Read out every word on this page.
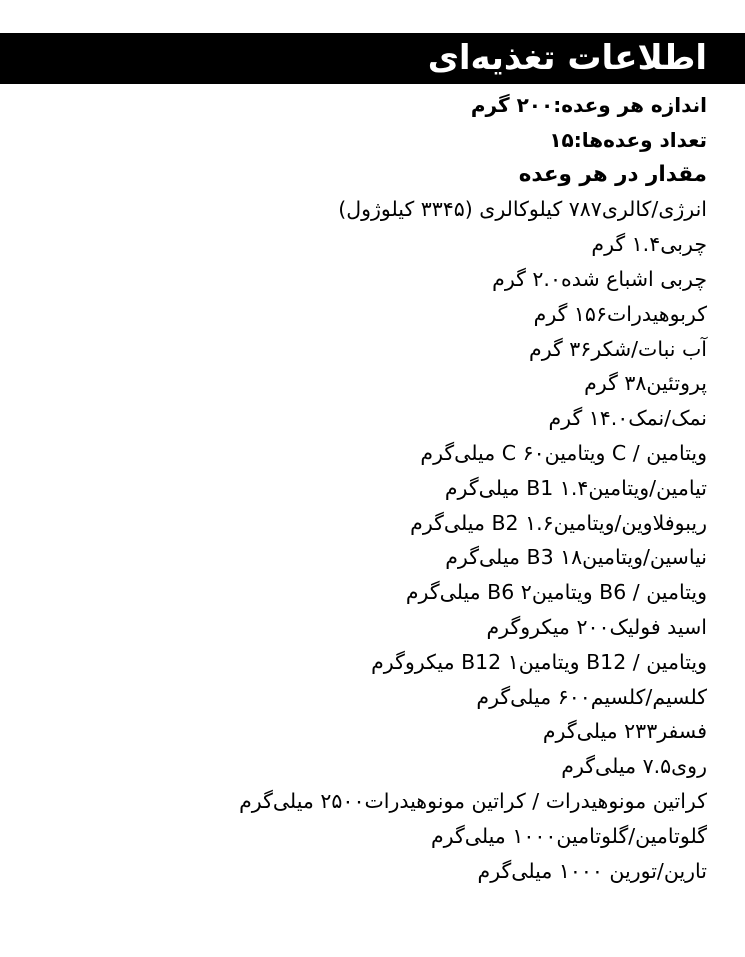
اطلاعات تغذیه‌ای
اندازه هر وعده:۲۰۰ گرم
تعداد وعده‌ها:۱۵
مقدار در هر وعده
انرژی/کالری۷۸۷ کیلوکالری (۳۳۴۵ کیلوژول)
چربی۱.۴ گرم
چربی اشباع شده۲.۰ گرم
کربوهیدرات۱۵۶ گرم
آب نبات/شکر۳۶ گرم
پروتئین۳۸ گرم
نمک/نمک۱۴.۰ گرم
ویتامین / C ویتامینC ۶۰ میلی‌گرم
تیامین/ویتامینB1 ۱.۴ میلی‌گرم
ریبوفلاوین/ویتامینB2 ۱.۶ میلی‌گرم
نیاسین/ویتامینB3 ۱۸ میلی‌گرم
ویتامین / B6 ویتامینB6 ۲ میلی‌گرم
اسید فولیک۲۰۰ میکروگرم
ویتامین / B12 ویتامینB12 ۱ میکروگرم
کلسیم/کلسیم۶۰۰ میلی‌گرم
فسفر۲۳۳ میلی‌گرم
روی۷.۵ میلی‌گرم
کراتین مونوهیدرات / کراتین مونوهیدرات۲۵۰۰ میلی‌گرم
گلوتامین/گلوتامین۱۰۰۰ میلی‌گرم
تارین/تورین ۱۰۰۰ میلی‌گرم
